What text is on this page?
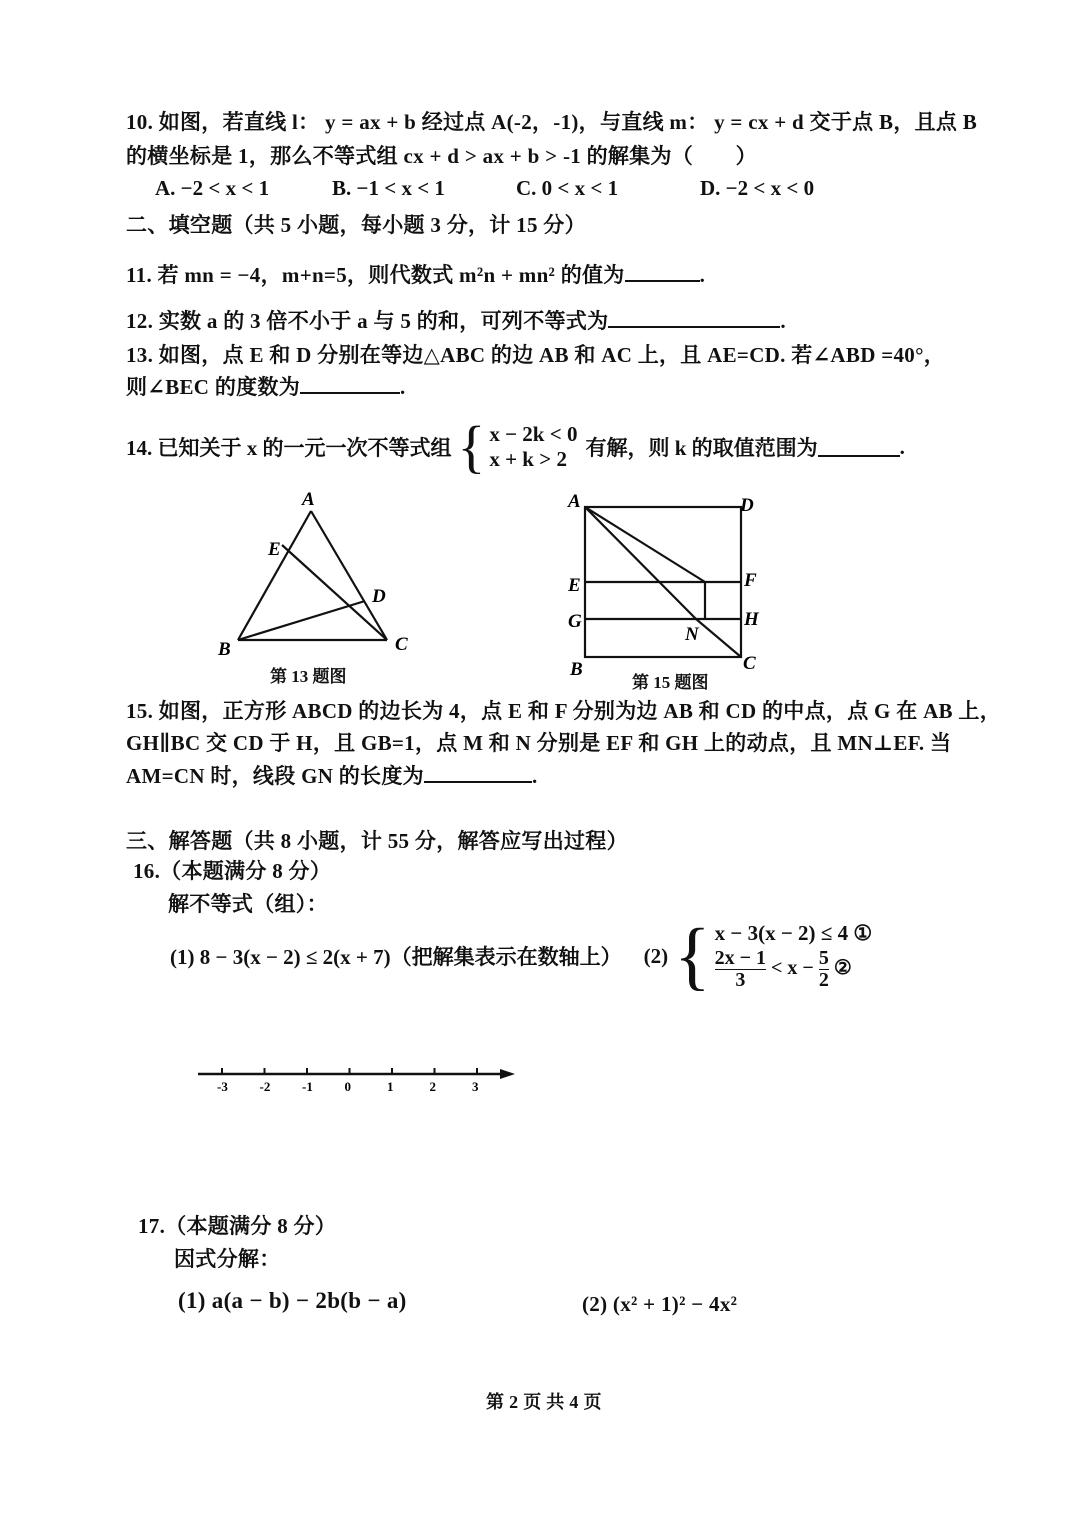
10. 如图，若直线 l： y = ax + b 经过点 A(-2，-1)，与直线 m： y = cx + d 交于点 B，且点 B
的横坐标是 1，那么不等式组 cx + d > ax + b > -1 的解集为（　　）
A. −2 < x < 1	B. −1 < x < 1	C. 0 < x < 1	D. −2 < x < 0
二、填空题（共 5 小题，每小题 3 分，计 15 分）
11. 若 mn = −4，m+n=5，则代数式 m²n + mn² 的值为	.
12. 实数 a 的 3 倍不小于 a 与 5 的和，可列不等式为	.
13. 如图，点 E 和 D 分别在等边△ABC 的边 AB 和 AC 上，且 AE=CD. 若∠ABD =40°，
则∠BEC 的度数为	.
14. 已知关于 x 的一元一次不等式组 { x − 2k < 0
x + k > 2 有解，则 k 的取值范围为	.
A
E
D
B	C
第 13 题图
A	D
E	F
G	H
N
B	C
第 15 题图
15. 如图，正方形 ABCD 的边长为 4，点 E 和 F 分别为边 AB 和 CD 的中点，点 G 在 AB 上，
GH∥BC 交 CD 于 H，且 GB=1，点 M 和 N 分别是 EF 和 GH 上的动点，且 MN⊥EF. 当
AM=CN 时，线段 GN 的长度为	.
三、解答题（共 8 小题，计 55 分，解答应写出过程）
16.（本题满分 8 分）
解不等式（组）：
(1) 8 − 3(x − 2) ≤ 2(x + 7)（把解集表示在数轴上） (2) { x − 3(x − 2) ≤ 4 ①
$\frac{2x - 1}{3} < x - \frac{5}{2}$ ②
-3 -2 -1 0	1	2	3
17.（本题满分 8 分）
因式分解：
(1) a(a − b) − 2b(b − a)	(2) (x² + 1)² − 4x²
第 2 页 共 4 页
